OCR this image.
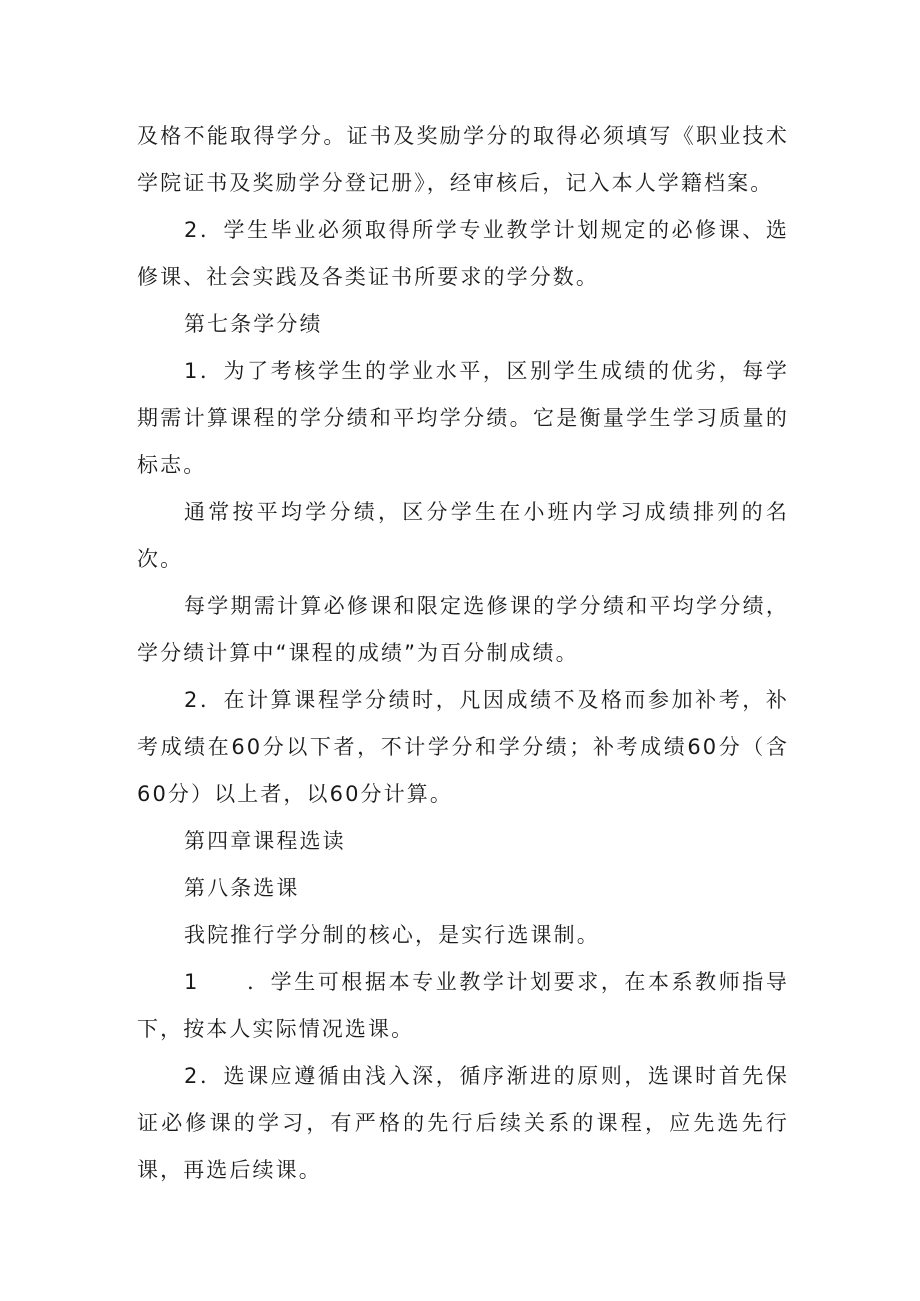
及格不能取得学分。证书及奖励学分的取得必须填写《职业技术学院证书及奖励学分登记册》，经审核后，记入本人学籍档案。

2．学生毕业必须取得所学专业教学计划规定的必修课、选修课、社会实践及各类证书所要求的学分数。

第七条学分绩

1．为了考核学生的学业水平，区别学生成绩的优劣，每学期需计算课程的学分绩和平均学分绩。它是衡量学生学习质量的标志。

通常按平均学分绩，区分学生在小班内学习成绩排列的名次。

每学期需计算必修课和限定选修课的学分绩和平均学分绩，学分绩计算中“课程的成绩”为百分制成绩。

2．在计算课程学分绩时，凡因成绩不及格而参加补考，补考成绩在60分以下者，不计学分和学分绩；补考成绩60分（含60分）以上者，以60分计算。

第四章课程选读

第八条选课

我院推行学分制的核心，是实行选课制。

1　　．学生可根据本专业教学计划要求，在本系教师指导下，按本人实际情况选课。

2．选课应遵循由浅入深，循序渐进的原则，选课时首先保证必修课的学习，有严格的先行后续关系的课程，应先选先行课，再选后续课。
